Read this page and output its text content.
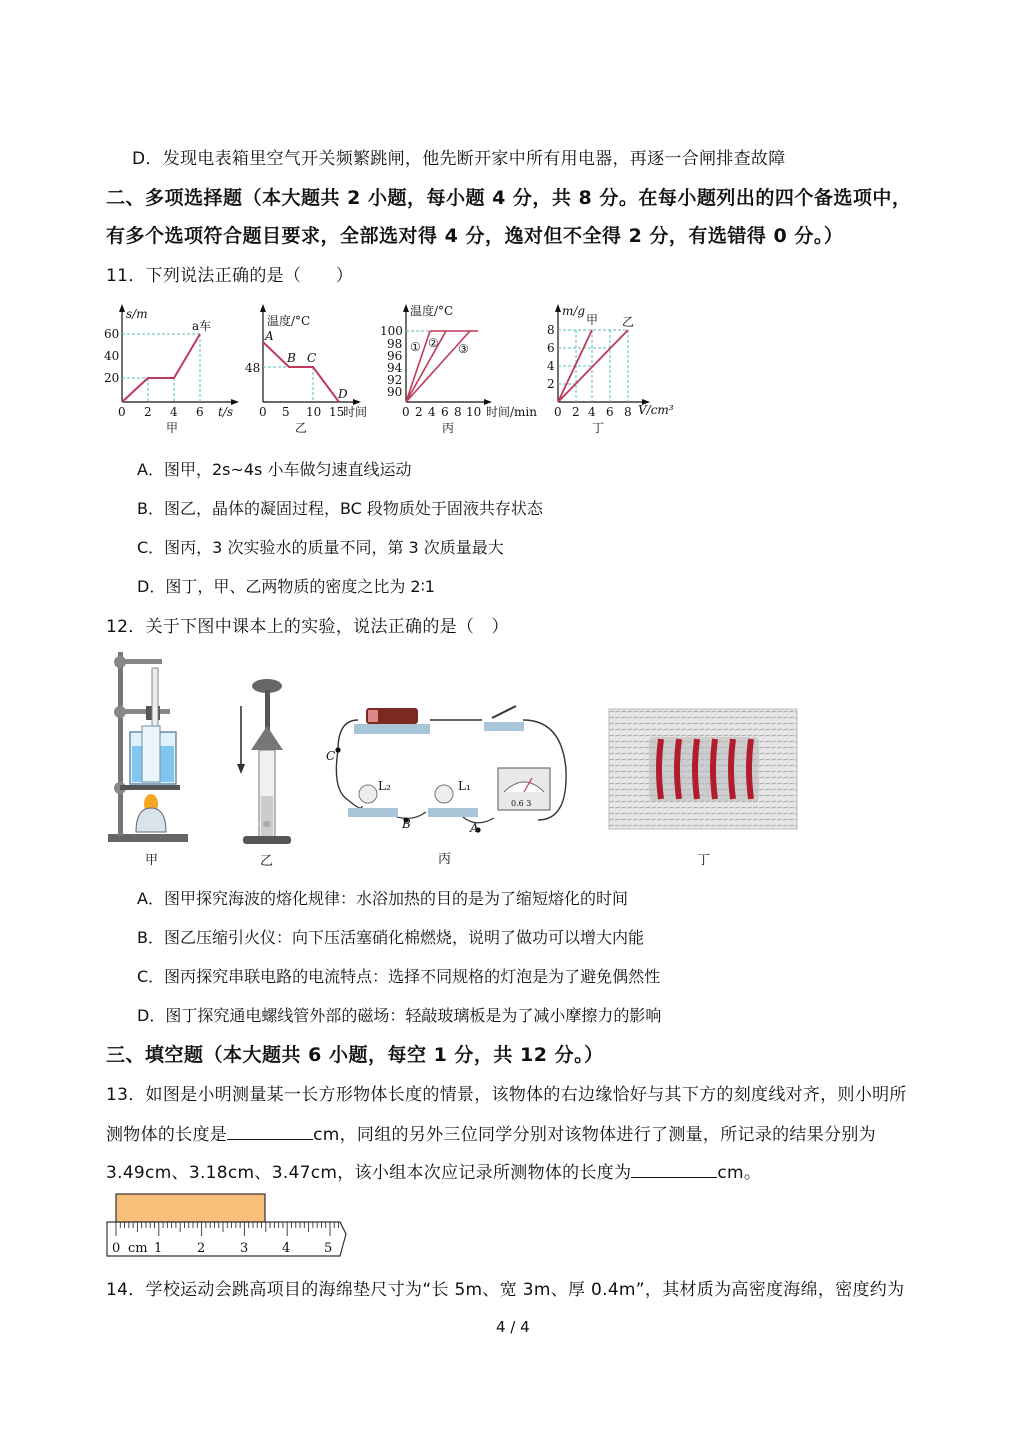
D．发现电表箱里空气开关频繁跳闸，他先断开家中所有用电器，再逐一合闸排查故障
二、多项选择题（本大题共 2 小题，每小题 4 分，共 8 分。在每小题列出的四个备选项中，
有多个选项符合题目要求，全部选对得 4 分，逸对但不全得 2 分，有选错得 0 分。）
11．下列说法正确的是（　　）
s/m
a车
60
40
20
0 2 4 6 t/s
甲
温度/°C
A
B C
D
48
0 5 10 15
时间
乙
温度/°C
① ② ③
100
98
96
94
92
90
0 2 4 6 8 10 时间/min
丙
m/g
甲 乙
8
6
4
2
0 2 4 6 8 V/cm³
丁
A．图甲，2s~4s 小车做匀速直线运动
B．图乙，晶体的凝固过程，BC 段物质处于固液共存状态
C．图丙，3 次实验水的质量不同，第 3 次质量最大
D．图丁，甲、乙两物质的密度之比为 2∶1
12．关于下图中课本上的实验，说法正确的是（　）
甲	乙
C
B	A
L₂	L₁
0.6 3
丙	丁
A．图甲探究海波的熔化规律：水浴加热的目的是为了缩短熔化的时间
B．图乙压缩引火仪：向下压活塞硝化棉燃烧，说明了做功可以增大内能
C．图丙探究串联电路的电流特点：选择不同规格的灯泡是为了避免偶然性
D．图丁探究通电螺线管外部的磁场：轻敲玻璃板是为了减小摩擦力的影响
三、填空题（本大题共 6 小题，每空 1 分，共 12 分。）
13．如图是小明测量某一长方形物体长度的情景，该物体的右边缘恰好与其下方的刻度线对齐，则小明所
测物体的长度是	cm，同组的另外三位同学分别对该物体进行了测量，所记录的结果分别为
3.49cm、3.18cm、3.47cm，该小组本次应记录所测物体的长度为	cm。
0 cm 1	2	3	4	5
14．学校运动会跳高项目的海绵垫尺寸为“长 5m、宽 3m、厚 0.4m”，其材质为高密度海绵，密度约为
4 / 4
